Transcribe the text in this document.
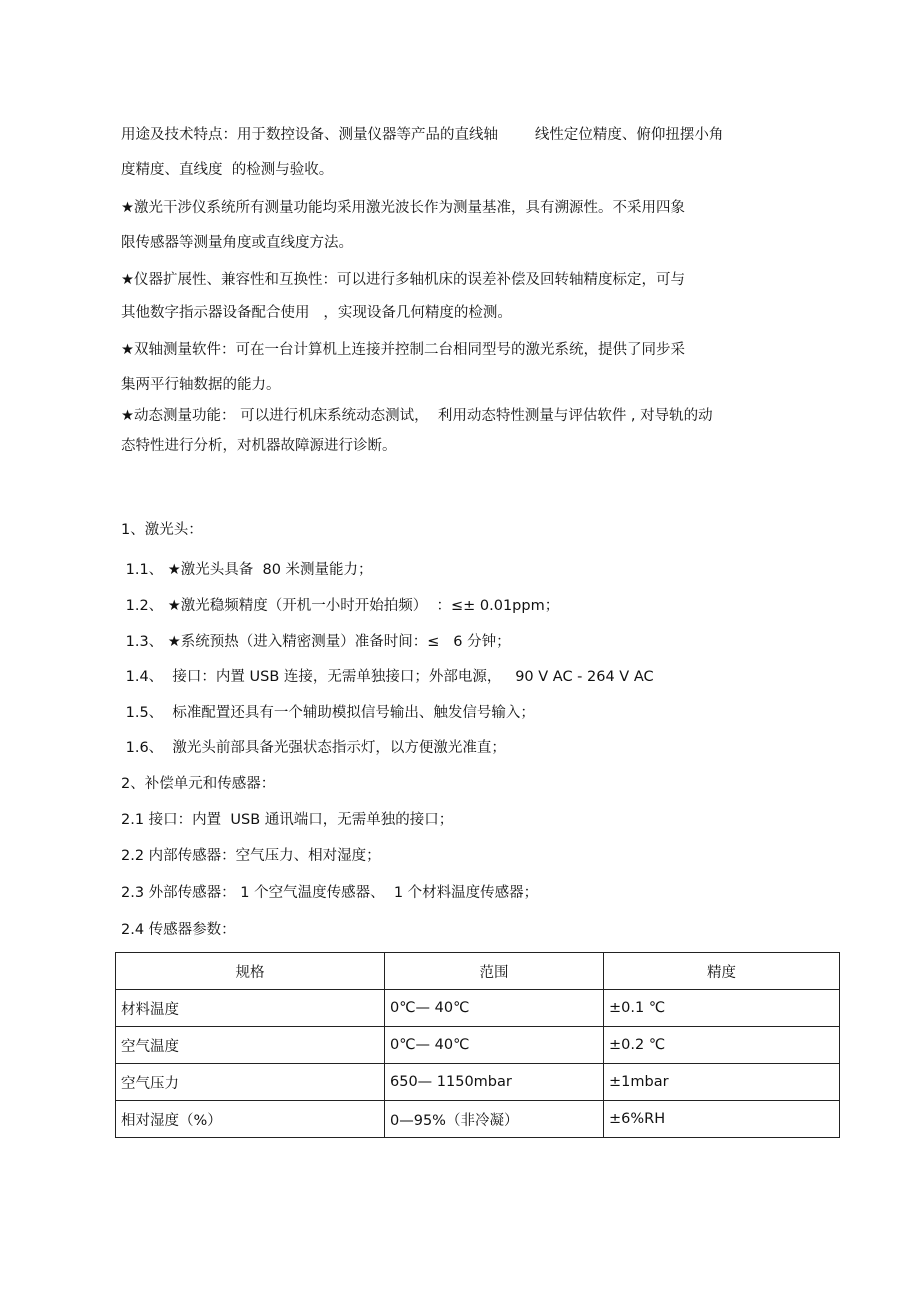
用途及技术特点：用于数控设备、测量仪器等产品的直线轴        线性定位精度、俯仰扭摆小角
度精度、直线度  的检测与验收。
★激光干涉仪系统所有测量功能均采用激光波长作为测量基准，具有溯源性。不采用四象
限传感器等测量角度或直线度方法。
★仪器扩展性、兼容性和互换性：可以进行多轴机床的误差补偿及回转轴精度标定，可与
其他数字指示器设备配合使用   ，实现设备几何精度的检测。
★双轴测量软件：可在一台计算机上连接并控制二台相同型号的激光系统，提供了同步采
集两平行轴数据的能力。
★动态测量功能： 可以进行机床系统动态测试，  利用动态特性测量与评估软件 , 对导轨的动
态特性进行分析，对机器故障源进行诊断。
1、激光头：
1.1、 ★激光头具备  80 米测量能力；
1.2、 ★激光稳频精度（开机一小时开始拍频）  ：≤± 0.01ppm；
1.3、 ★系统预热（进入精密测量）准备时间：≤   6 分钟；
1.4、  接口：内置 USB 连接，无需单独接口；外部电源，   90 V AC - 264 V AC
1.5、  标准配置还具有一个辅助模拟信号输出、触发信号输入；
1.6、  激光头前部具备光强状态指示灯，以方便激光准直；
2、补偿单元和传感器：
2.1 接口：内置  USB 通讯端口，无需单独的接口；
2.2 内部传感器：空气压力、相对湿度；
2.3 外部传感器： 1 个空气温度传感器、  1 个材料温度传感器；
2.4 传感器参数：
规格	范围	精度
材料温度	0℃— 40℃	±0.1 ℃
空气温度	0℃— 40℃	±0.2 ℃
空气压力	650— 1150mbar	±1mbar
相对湿度（%）	0—95%（非冷凝）	±6%RH
